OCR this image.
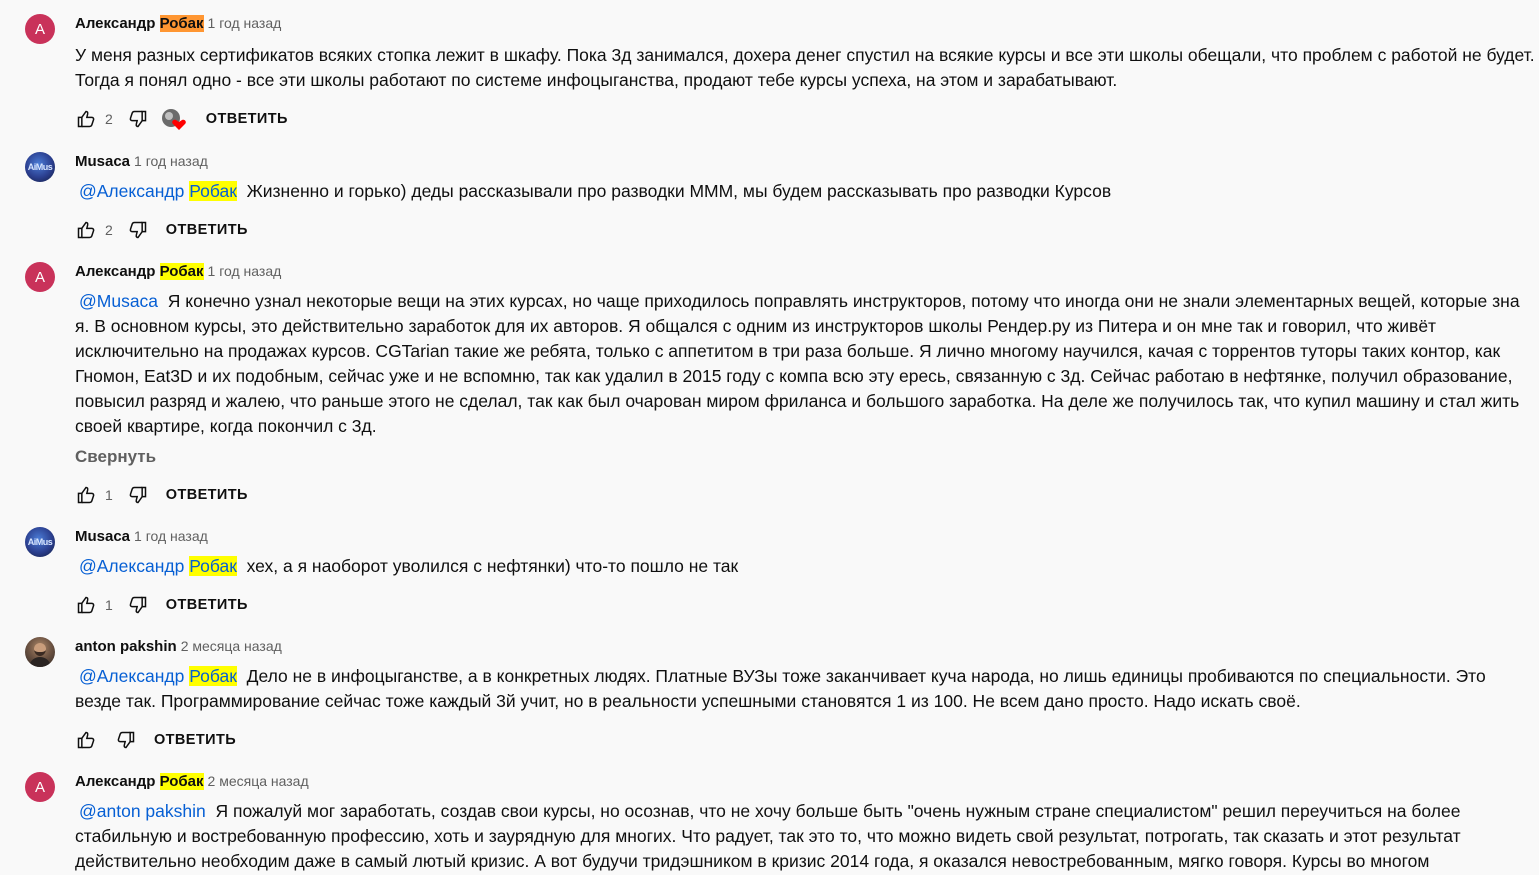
А Александр Робак 1 год назад
У меня разных сертификатов всяких стопка лежит в шкафу. Пока 3д занимался, дохера денег спустил на всякие курсы и все эти школы обещали, что проблем с работой не будет. Тогда я понял одно - все эти школы работают по системе инфоцыганства, продают тебе курсы успеха, на этом и зарабатывают.
2	ОТВЕТИТЬ
AiMus Musaca 1 год назад
@Александр Робак Жизненно и горько) деды рассказывали про разводки МММ, мы будем рассказывать про разводки Курсов
2	ОТВЕТИТЬ
А Александр Робак 1 год назад
@Musaca Я конечно узнал некоторые вещи на этих курсах, но чаще приходилось поправлять инструкторов, потому что иногда они не знали элементарных вещей, которые зна я. В основном курсы, это действительно заработок для их авторов. Я общался с одним из инструкторов школы Рендер.ру из Питера и он мне так и говорил, что живёт исключительно на продажах курсов. CGTarian такие же ребята, только с аппетитом в три раза больше. Я лично многому научился, качая с торрентов туторы таких контор, как Гномон, Eat3D и их подобным, сейчас уже и не вспомню, так как удалил в 2015 году с компа всю эту ересь, связанную с 3д. Сейчас работаю в нефтянке, получил образование, повысил разряд и жалею, что раньше этого не сделал, так как был очарован миром фриланса и большого заработка. На деле же получилось так, что купил машину и стал жить своей квартире, когда покончил с 3д.
Свернуть
1	ОТВЕТИТЬ
AiMus Musaca 1 год назад
@Александр Робак хех, а я наоборот уволился с нефтянки) что-то пошло не так
1	ОТВЕТИТЬ
anton pakshin 2 месяца назад
@Александр Робак Дело не в инфоцыганстве, а в конкретных людях. Платные ВУЗы тоже заканчивает куча народа, но лишь единицы пробиваются по специальности. Это везде так. Программирование сейчас тоже каждый 3й учит, но в реальности успешными становятся 1 из 100. Не всем дано просто. Надо искать своё.
ОТВЕТИТЬ
А Александр Робак 2 месяца назад
@anton pakshin Я пожалуй мог заработать, создав свои курсы, но осознав, что не хочу больше быть "очень нужным стране специалистом" решил переучиться на более стабильную и востребованную профессию, хоть и заурядную для многих. Что радует, так это то, что можно видеть свой результат, потрогать, так сказать и этот результат действительно необходим даже в самый лютый кризис. А вот будучи тридэшником в кризис 2014 года, я оказался невостребованным, мягко говоря. Курсы во многом
